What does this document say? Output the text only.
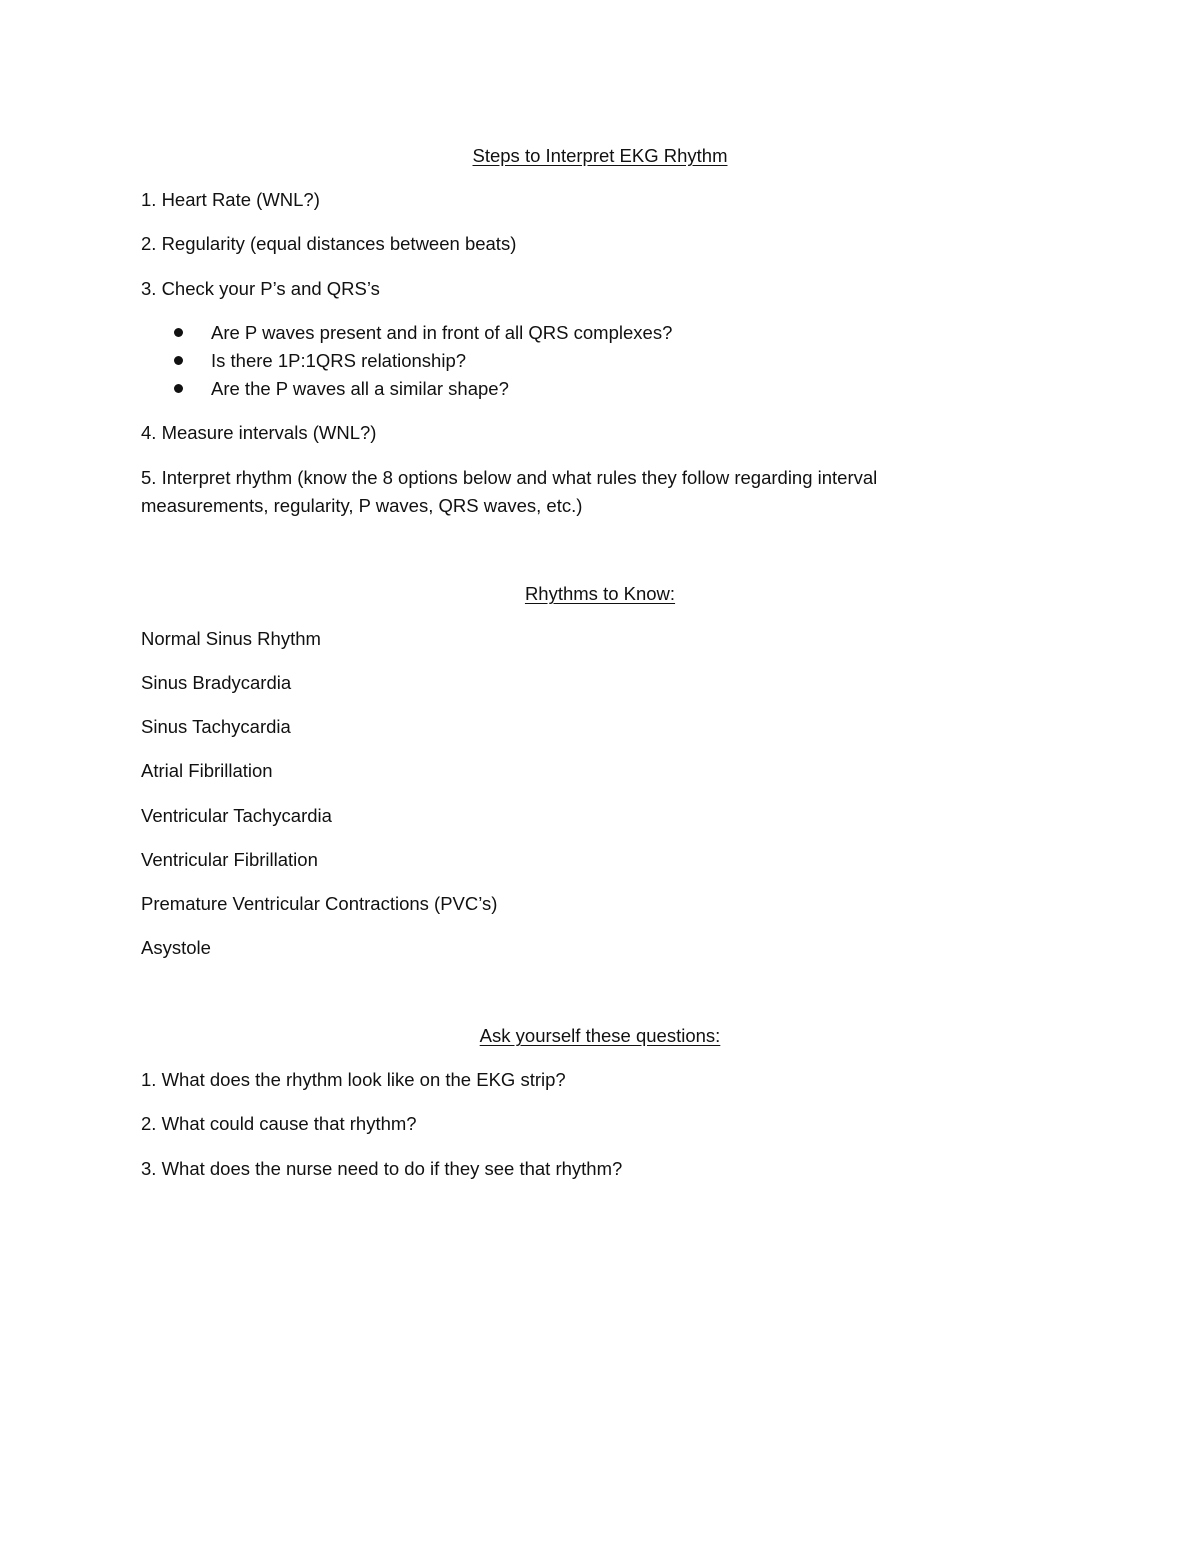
Steps to Interpret EKG Rhythm

1. Heart Rate (WNL?)

2. Regularity (equal distances between beats)

3. Check your P’s and QRS’s

Are P waves present and in front of all QRS complexes?
Is there 1P:1QRS relationship?
Are the P waves all a similar shape?

4. Measure intervals (WNL?)

5. Interpret rhythm (know the 8 options below and what rules they follow regarding interval measurements, regularity, P waves, QRS waves, etc.)

Rhythms to Know:

Normal Sinus Rhythm

Sinus Bradycardia

Sinus Tachycardia

Atrial Fibrillation

Ventricular Tachycardia

Ventricular Fibrillation

Premature Ventricular Contractions (PVC’s)

Asystole

Ask yourself these questions:

1. What does the rhythm look like on the EKG strip?

2. What could cause that rhythm?

3. What does the nurse need to do if they see that rhythm?
